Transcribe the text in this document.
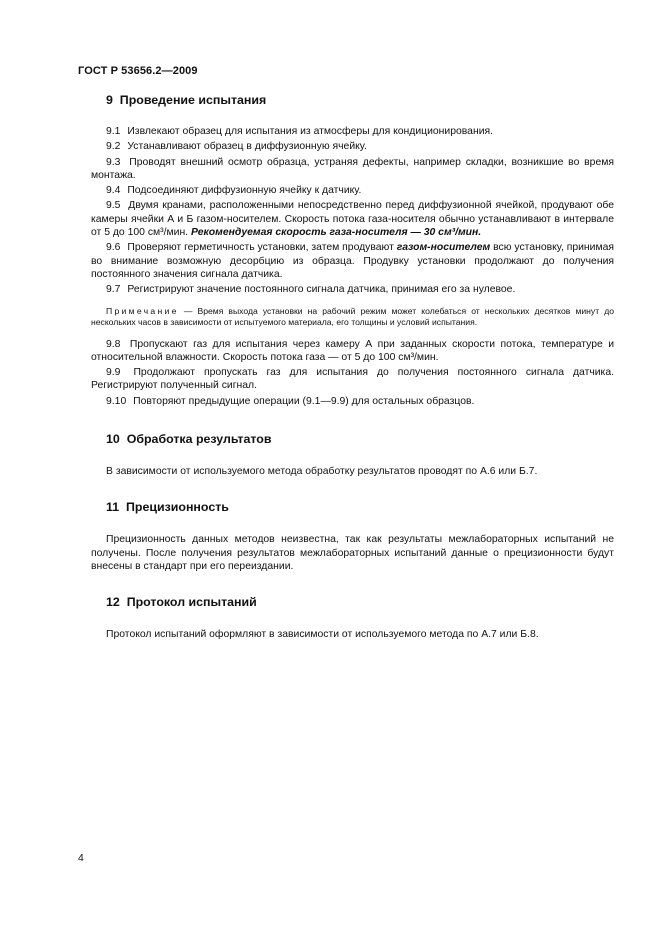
ГОСТ Р 53656.2—2009
9 Проведение испытания

9.1 Извлекают образец для испытания из атмосферы для кондиционирования.

9.2 Устанавливают образец в диффузионную ячейку.

9.3 Проводят внешний осмотр образца, устраняя дефекты, например складки, возникшие во время монтажа.

9.4 Подсоединяют диффузионную ячейку к датчику.

9.5 Двумя кранами, расположенными непосредственно перед диффузионной ячейкой, продувают обе камеры ячейки А и Б газом-носителем. Скорость потока газа-носителя обычно устанавливают в интервале от 5 до 100 см³/мин. Рекомендуемая скорость газа-носителя — 30 см³/мин.

9.6 Проверяют герметичность установки, затем продувают газом-носителем всю установку, принимая во внимание возможную десорбцию из образца. Продувку установки продолжают до получения постоянного значения сигнала датчика.

9.7 Регистрируют значение постоянного сигнала датчика, принимая его за нулевое.

Примечание — Время выхода установки на рабочий режим может колебаться от нескольких десятков минут до нескольких часов в зависимости от испытуемого материала, его толщины и условий испытания.

9.8 Пропускают газ для испытания через камеру А при заданных скорости потока, температуре и относительной влажности. Скорость потока газа — от 5 до 100 см³/мин.

9.9 Продолжают пропускать газ для испытания до получения постоянного сигнала датчика. Регистрируют полученный сигнал.

9.10 Повторяют предыдущие операции (9.1—9.9) для остальных образцов.

10 Обработка результатов

В зависимости от используемого метода обработку результатов проводят по А.6 или Б.7.

11 Прецизионность

Прецизионность данных методов неизвестна, так как результаты межлабораторных испытаний не получены. После получения результатов межлабораторных испытаний данные о прецизионности будут внесены в стандарт при его переиздании.

12 Протокол испытаний

Протокол испытаний оформляют в зависимости от используемого метода по А.7 или Б.8.

4
